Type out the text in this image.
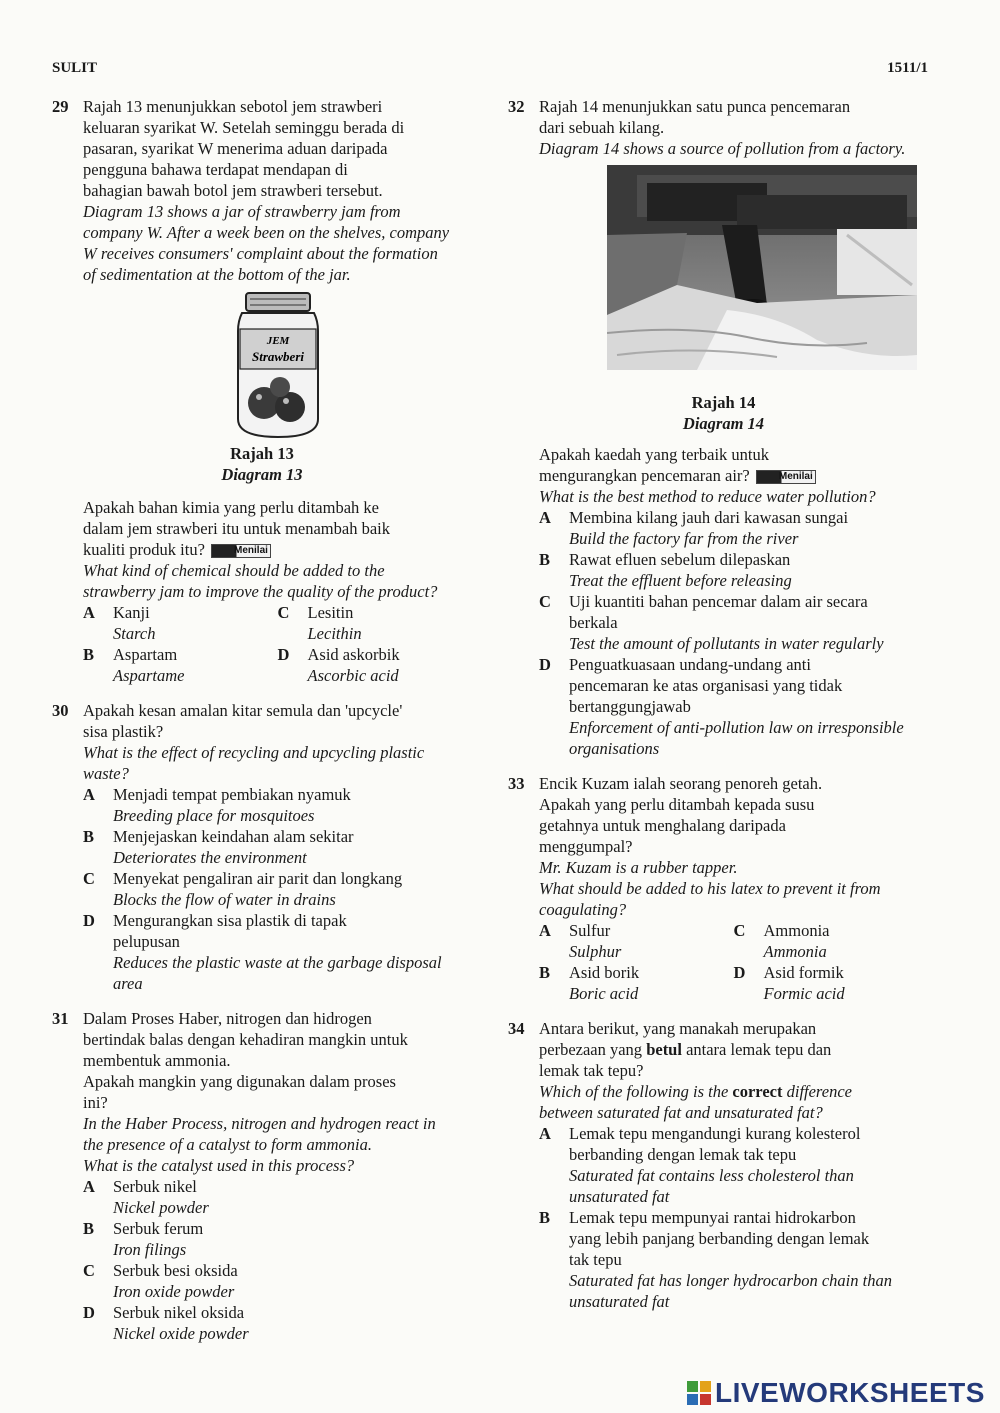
SULIT	1511/1
29 Rajah 13 menunjukkan sebotol jem strawberi
keluaran syarikat W. Setelah seminggu berada di
pasaran, syarikat W menerima aduan daripada
pengguna bahawa terdapat mendapan di
bahagian bawah botol jem strawberi tersebut.
Diagram 13 shows a jar of strawberry jam from
company W. After a week been on the shelves, company
W receives consumers' complaint about the formation
of sedimentation at the bottom of the jar.
JEM
Strawberi
Rajah 13
Diagram 13
Apakah bahan kimia yang perlu ditambah ke
dalam jem strawberi itu untuk menambah baik
kualiti produk itu?	Menilai
What kind of chemical should be added to the
strawberry jam to improve the quality of the product?
A Kanji
Starch
C Lesitin
Lecithin
B Aspartam
Aspartame
D Asid askorbik
Ascorbic acid
30 Apakah kesan amalan kitar semula dan 'upcycle'
sisa plastik?
What is the effect of recycling and upcycling plastic
waste?
A Menjadi tempat pembiakan nyamuk
Breeding place for mosquitoes
B Menjejaskan keindahan alam sekitar
Deteriorates the environment
C Menyekat pengaliran air parit dan longkang
Blocks the flow of water in drains
D Mengurangkan sisa plastik di tapak
pelupusan
Reduces the plastic waste at the garbage disposal
area
31 Dalam Proses Haber, nitrogen dan hidrogen
bertindak balas dengan kehadiran mangkin untuk
membentuk ammonia.
Apakah mangkin yang digunakan dalam proses
ini?
In the Haber Process, nitrogen and hydrogen react in
the presence of a catalyst to form ammonia.
What is the catalyst used in this process?
A Serbuk nikel
Nickel powder
B Serbuk ferum
Iron filings
C Serbuk besi oksida
Iron oxide powder
D Serbuk nikel oksida
Nickel oxide powder
32 Rajah 14 menunjukkan satu punca pencemaran
dari sebuah kilang.
Diagram 14 shows a source of pollution from a factory.
Rajah 14
Diagram 14
Apakah kaedah yang terbaik untuk
mengurangkan pencemaran air?	Menilai
What is the best method to reduce water pollution?
A Membina kilang jauh dari kawasan sungai
Build the factory far from the river
B Rawat efluen sebelum dilepaskan
Treat the effluent before releasing
C Uji kuantiti bahan pencemar dalam air secara
berkala
Test the amount of pollutants in water regularly
D Penguatkuasaan undang-undang anti
pencemaran ke atas organisasi yang tidak
bertanggungjawab
Enforcement of anti-pollution law on irresponsible
organisations
33 Encik Kuzam ialah seorang penoreh getah.
Apakah yang perlu ditambah kepada susu
getahnya untuk menghalang daripada
menggumpal?
Mr. Kuzam is a rubber tapper.
What should be added to his latex to prevent it from
coagulating?
A Sulfur
Sulphur
C Ammonia
Ammonia
B Asid borik
Boric acid
D Asid formik
Formic acid
34 Antara berikut, yang manakah merupakan
perbezaan yang betul antara lemak tepu dan
lemak tak tepu?
Which of the following is the correct difference
between saturated fat and unsaturated fat?
A Lemak tepu mengandungi kurang kolesterol
berbanding dengan lemak tak tepu
Saturated fat contains less cholesterol than
unsaturated fat
B Lemak tepu mempunyai rantai hidrokarbon
yang lebih panjang berbanding dengan lemak
tak tepu
Saturated fat has longer hydrocarbon chain than
unsaturated fat
LIVEWORKSHEETS
